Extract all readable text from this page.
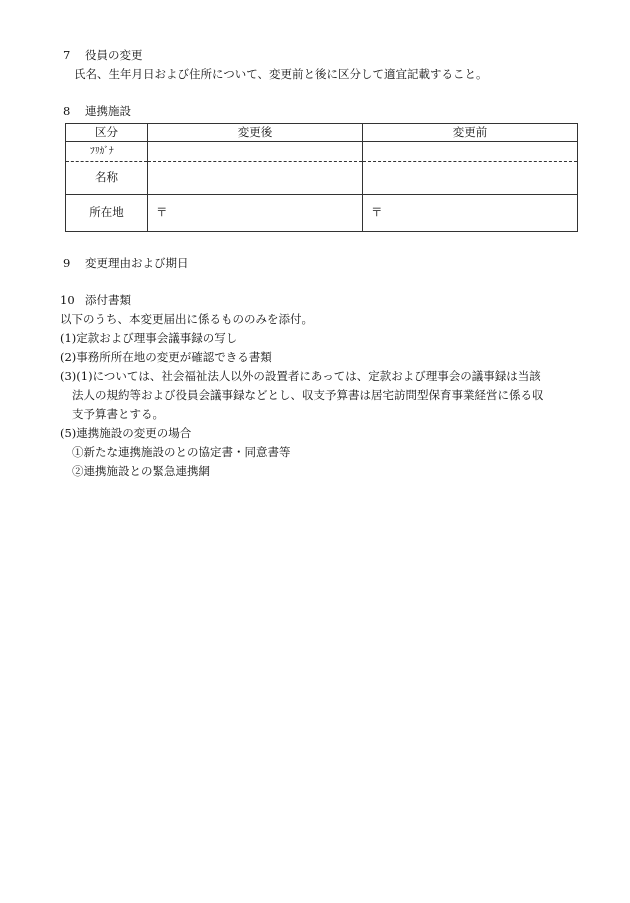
7 役員の変更
氏名、生年月日および住所について、変更前と後に区分して適宜記載すること。
8 連携施設
区分	変更後	変更前
ﾌﾘｶﾞﾅ		
名称		
所在地	〒	〒
9 変更理由および期日
10 添付書類
以下のうち、本変更届出に係るもののみを添付。
(1)定款および理事会議事録の写し
(2)事務所所在地の変更が確認できる書類
(3)(1)については、社会福祉法人以外の設置者にあっては、定款および理事会の議事録は当該
法人の規約等および役員会議事録などとし、収支予算書は居宅訪問型保育事業経営に係る収
支予算書とする。
(5)連携施設の変更の場合
①新たな連携施設のとの協定書・同意書等
②連携施設との緊急連携網
